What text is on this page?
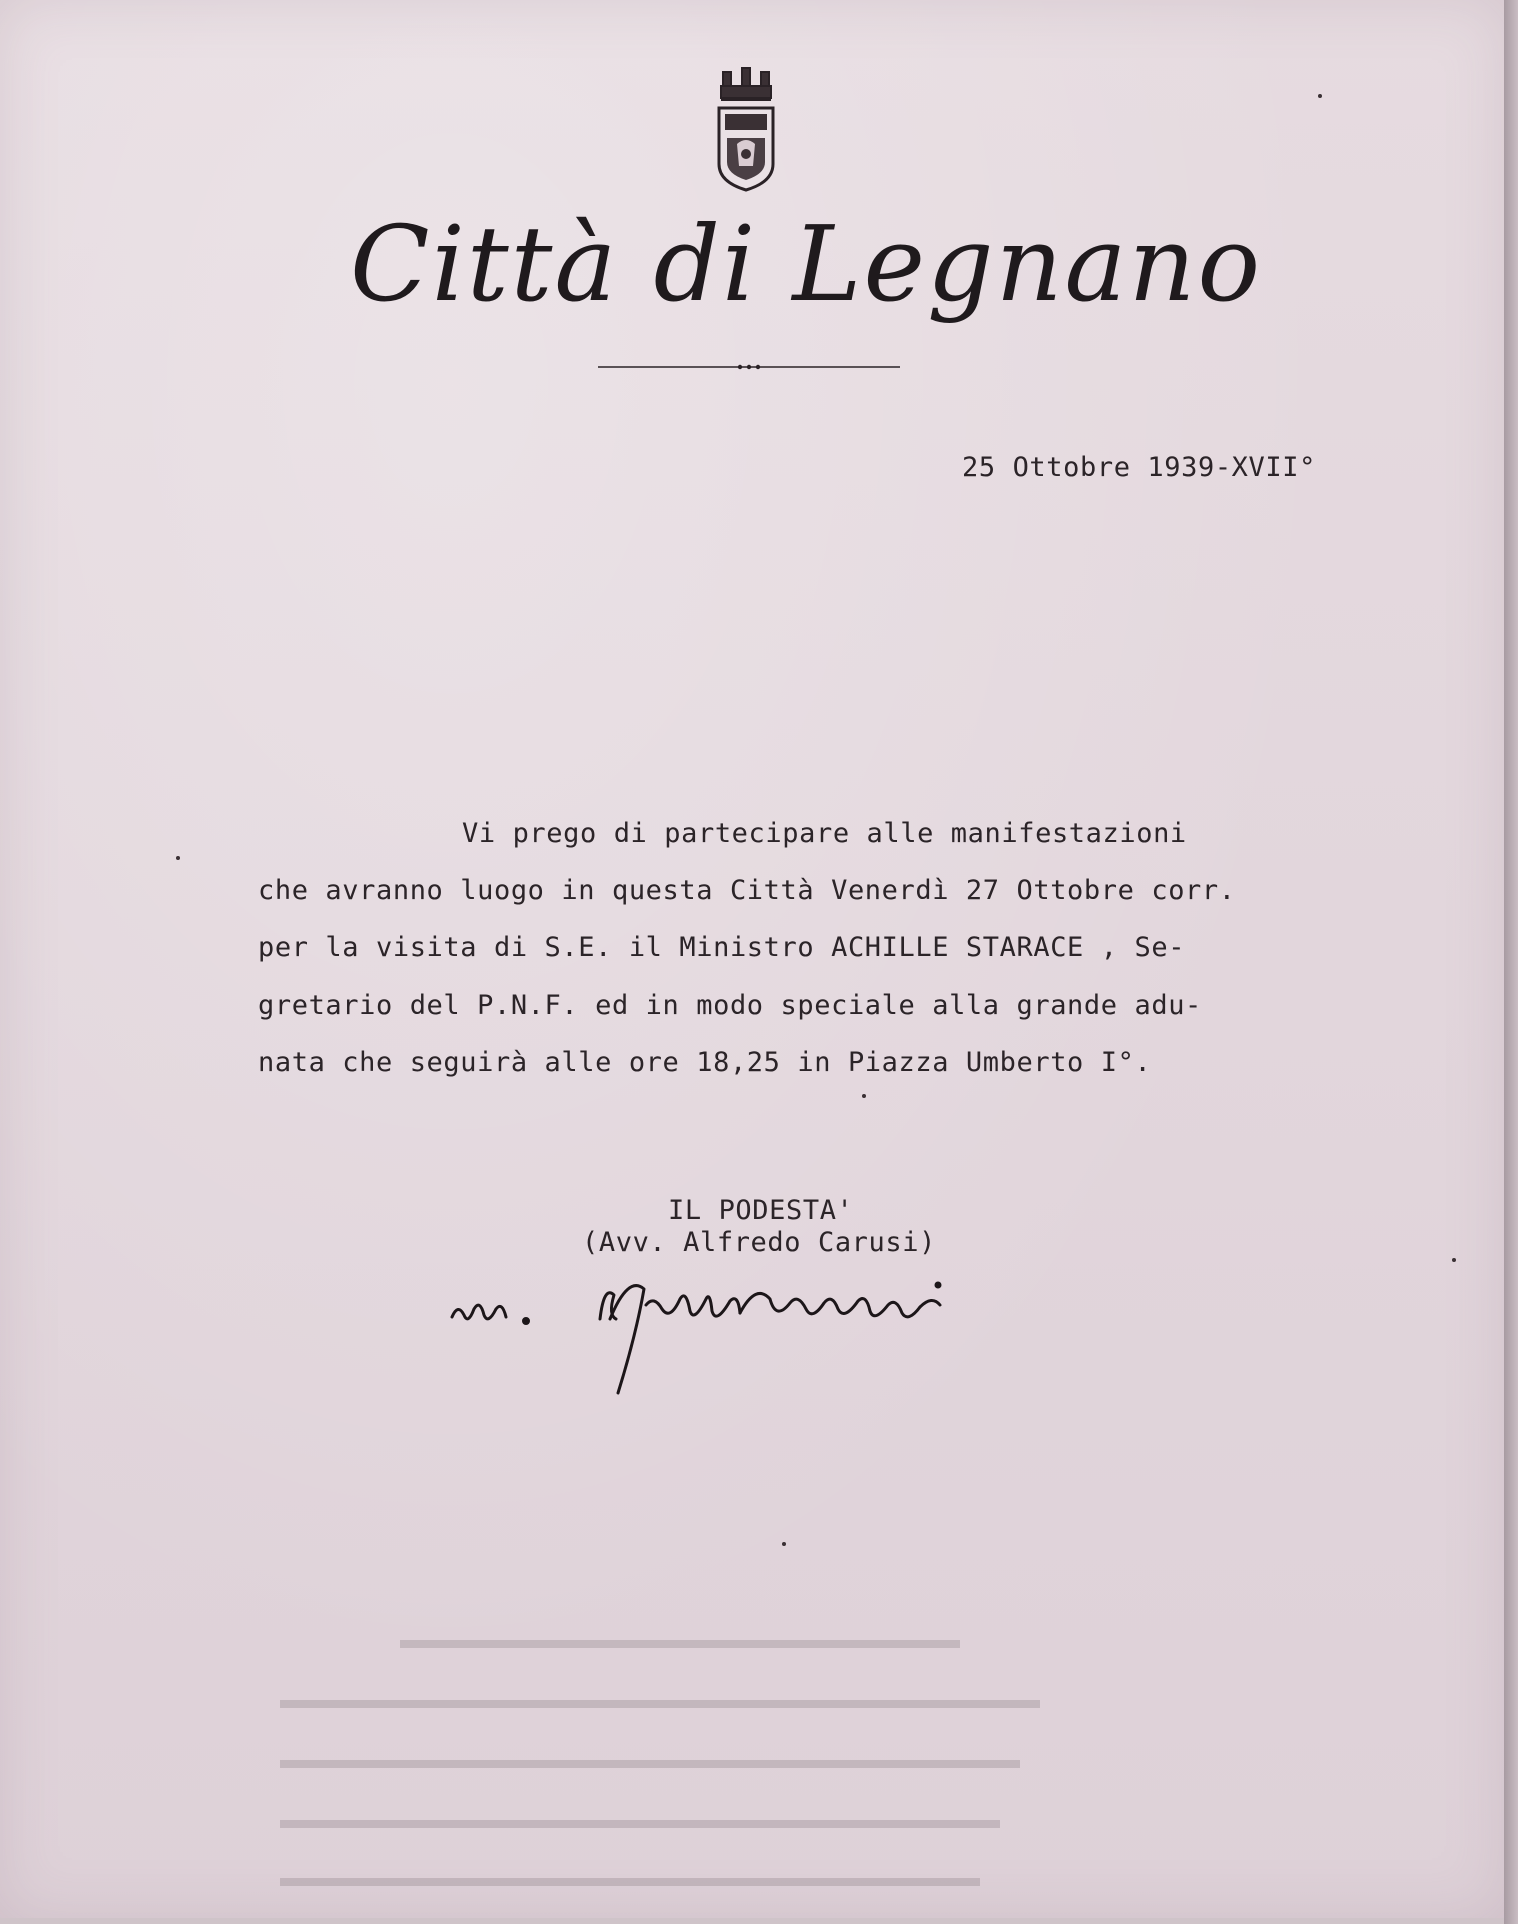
Città di Legnano
25 Ottobre 1939-XVII°
Vi prego di partecipare alle manifestazioni
che avranno luogo in questa Città Venerdì 27 Ottobre corr.
per la visita di S.E. il Ministro ACHILLE STARACE , Se-
gretario del P.N.F. ed in modo speciale alla grande adu-
nata che seguirà alle ore 18,25 in Piazza Umberto I°.
IL PODESTA'
(Avv. Alfredo Carusi)
